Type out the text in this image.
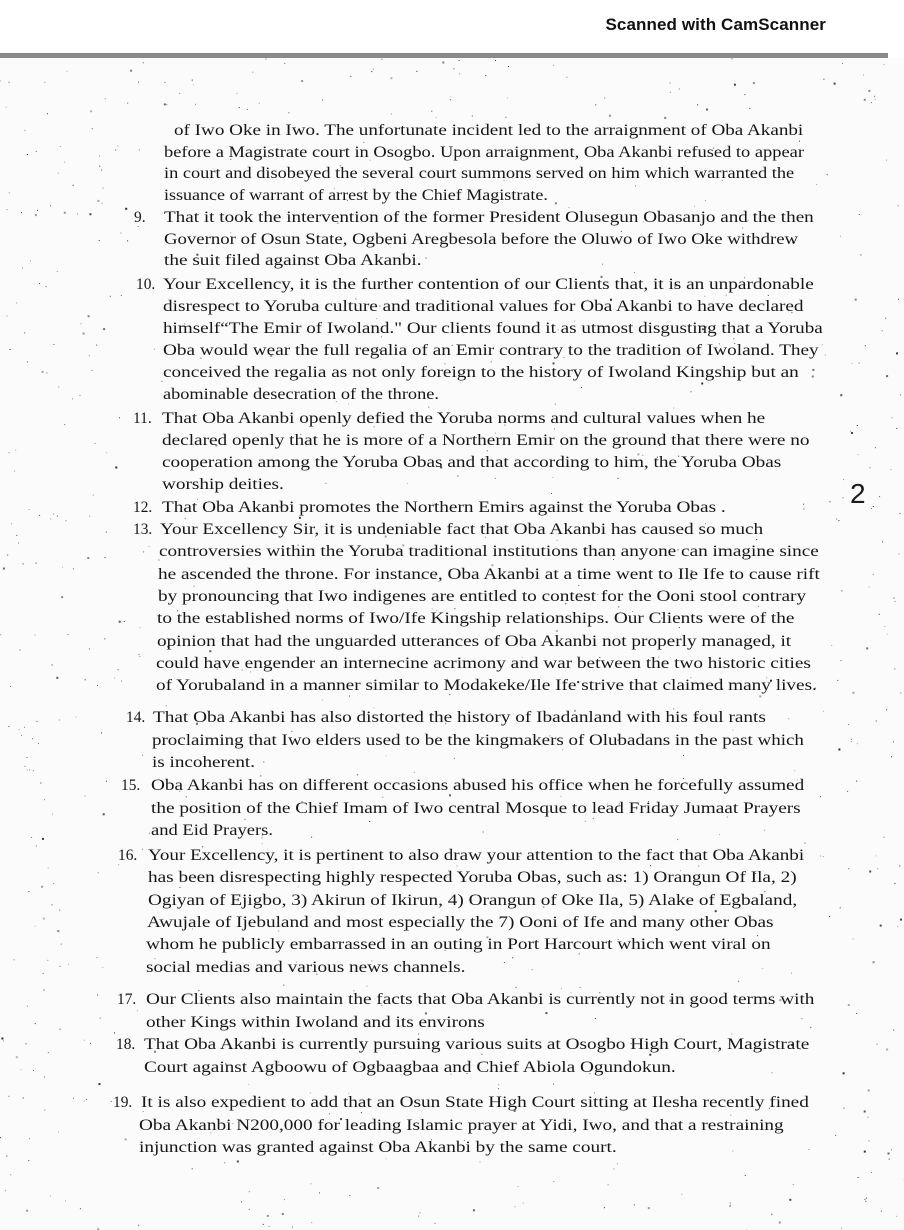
Scanned with CamScanner
of Iwo Oke in Iwo. The unfortunate incident led to the arraignment of Oba Akanbi
before a Magistrate court in Osogbo. Upon arraignment, Oba Akanbi refused to appear
in court and disobeyed the several court summons served on him which warranted the
issuance of warrant of arrest by the Chief Magistrate.
9. That it took the intervention of the former President Olusegun Obasanjo and the then
Governor of Osun State, Ogbeni Aregbesola before the Oluwo of Iwo Oke withdrew
the suit filed against Oba Akanbi.
10. Your Excellency, it is the further contention of our Clients that, it is an unpardonable
disrespect to Yoruba culture and traditional values for Oba Akanbi to have declared
himself“The Emir of Iwoland." Our clients found it as utmost disgusting that a Yoruba
Oba would wear the full regalia of an Emir contrary to the tradition of Iwoland. They
conceived the regalia as not only foreign to the history of Iwoland Kingship but an
abominable desecration of the throne.
11. That Oba Akanbi openly defied the Yoruba norms and cultural values when he
declared openly that he is more of a Northern Emir on the ground that there were no
cooperation among the Yoruba Obas and that according to him, the Yoruba Obas
worship deities.
12. That Oba Akanbi promotes the Northern Emirs against the Yoruba Obas .
13. Your Excellency Sir, it is undeniable fact that Oba Akanbi has caused so much
controversies within the Yoruba traditional institutions than anyone can imagine since
he ascended the throne. For instance, Oba Akanbi at a time went to Ile Ife to cause rift
by pronouncing that Iwo indigenes are entitled to contest for the Ooni stool contrary
to the established norms of Iwo/Ife Kingship relationships. Our Clients were of the
opinion that had the unguarded utterances of Oba Akanbi not properly managed, it
could have engender an internecine acrimony and war between the two historic cities
of Yorubaland in a manner similar to Modakeke/Ile Ife strive that claimed many lives.
14. That Oba Akanbi has also distorted the history of Ibadanland with his foul rants
proclaiming that Iwo elders used to be the kingmakers of Olubadans in the past which
is incoherent.
15. Oba Akanbi has on different occasions abused his office when he forcefully assumed
the position of the Chief Imam of Iwo central Mosque to lead Friday Jumaat Prayers
and Eid Prayers.
16. Your Excellency, it is pertinent to also draw your attention to the fact that Oba Akanbi
has been disrespecting highly respected Yoruba Obas, such as: 1) Orangun Of Ila, 2)
Ogiyan of Ejigbo, 3) Akirun of Ikirun, 4) Orangun of Oke Ila, 5) Alake of Egbaland,
Awujale of Ijebuland and most especially the 7) Ooni of Ife and many other Obas
whom he publicly embarrassed in an outing in Port Harcourt which went viral on
social medias and various news channels.
17. Our Clients also maintain the facts that Oba Akanbi is currently not in good terms with
other Kings within Iwoland and its environs
18. That Oba Akanbi is currently pursuing various suits at Osogbo High Court, Magistrate
Court against Agboowu of Ogbaagbaa and Chief Abiola Ogundokun.
19. It is also expedient to add that an Osun State High Court sitting at Ilesha recently fined
Oba Akanbi N200,000 for leading Islamic prayer at Yidi, Iwo, and that a restraining
injunction was granted against Oba Akanbi by the same court.
2
